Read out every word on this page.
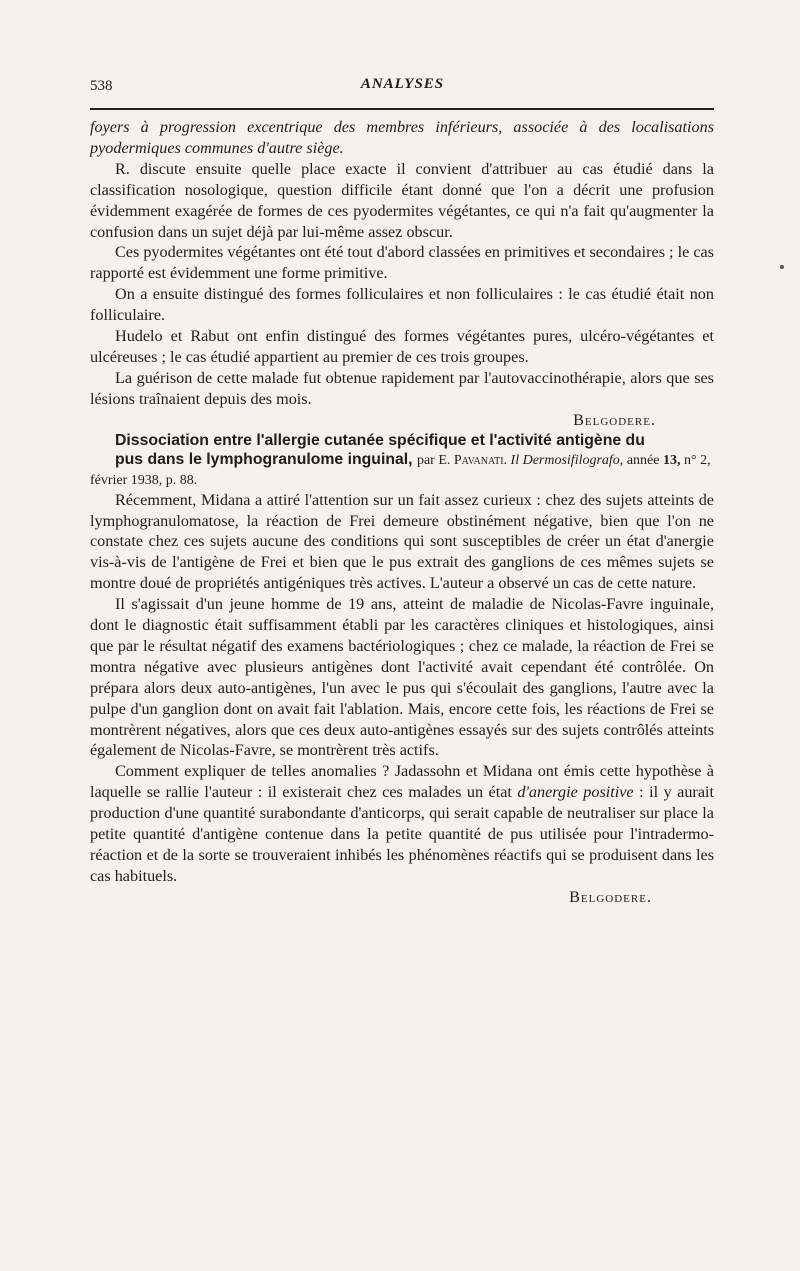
538	ANALYSES

foyers à progression excentrique des membres inférieurs, associée à des localisations pyodermiques communes d'autre siège.

R. discute ensuite quelle place exacte il convient d'attribuer au cas étudié dans la classification nosologique, question difficile étant donné que l'on a décrit une profusion évidemment exagérée de formes de ces pyodermites végétantes, ce qui n'a fait qu'augmenter la confusion dans un sujet déjà par lui-même assez obscur.

Ces pyodermites végétantes ont été tout d'abord classées en primitives et secondaires ; le cas rapporté est évidemment une forme primitive.

On a ensuite distingué des formes folliculaires et non folliculaires : le cas étudié était non folliculaire.

Hudelo et Rabut ont enfin distingué des formes végétantes pures, ulcéro-végétantes et ulcéreuses ; le cas étudié appartient au premier de ces trois groupes.

La guérison de cette malade fut obtenue rapidement par l'autovaccinothérapie, alors que ses lésions traînaient depuis des mois.

Belgodere.

Dissociation entre l'allergie cutanée spécifique et l'activité antigène du
pus dans le lymphogranulome inguinal, par E. Pavanati. Il Dermosifilografo, année 13, n° 2, février 1938, p. 88.

Récemment, Midana a attiré l'attention sur un fait assez curieux : chez des sujets atteints de lymphogranulomatose, la réaction de Frei demeure obstinément négative, bien que l'on ne constate chez ces sujets aucune des conditions qui sont susceptibles de créer un état d'anergie vis-à-vis de l'antigène de Frei et bien que le pus extrait des ganglions de ces mêmes sujets se montre doué de propriétés antigéniques très actives. L'auteur a observé un cas de cette nature.

Il s'agissait d'un jeune homme de 19 ans, atteint de maladie de Nicolas-Favre inguinale, dont le diagnostic était suffisamment établi par les caractères cliniques et histologiques, ainsi que par le résultat négatif des examens bactériologiques ; chez ce malade, la réaction de Frei se montra négative avec plusieurs antigènes dont l'activité avait cependant été contrôlée. On prépara alors deux auto-antigènes, l'un avec le pus qui s'écoulait des ganglions, l'autre avec la pulpe d'un ganglion dont on avait fait l'ablation. Mais, encore cette fois, les réactions de Frei se montrèrent négatives, alors que ces deux auto-antigènes essayés sur des sujets contrôlés atteints également de Nicolas-Favre, se montrèrent très actifs.

Comment expliquer de telles anomalies ? Jadassohn et Midana ont émis cette hypothèse à laquelle se rallie l'auteur : il existerait chez ces malades un état d'anergie positive : il y aurait production d'une quantité surabondante d'anticorps, qui serait capable de neutraliser sur place la petite quantité d'antigène contenue dans la petite quantité de pus utilisée pour l'intradermo-réaction et de la sorte se trouveraient inhibés les phénomènes réactifs qui se produisent dans les cas habituels.

Belgodere.
